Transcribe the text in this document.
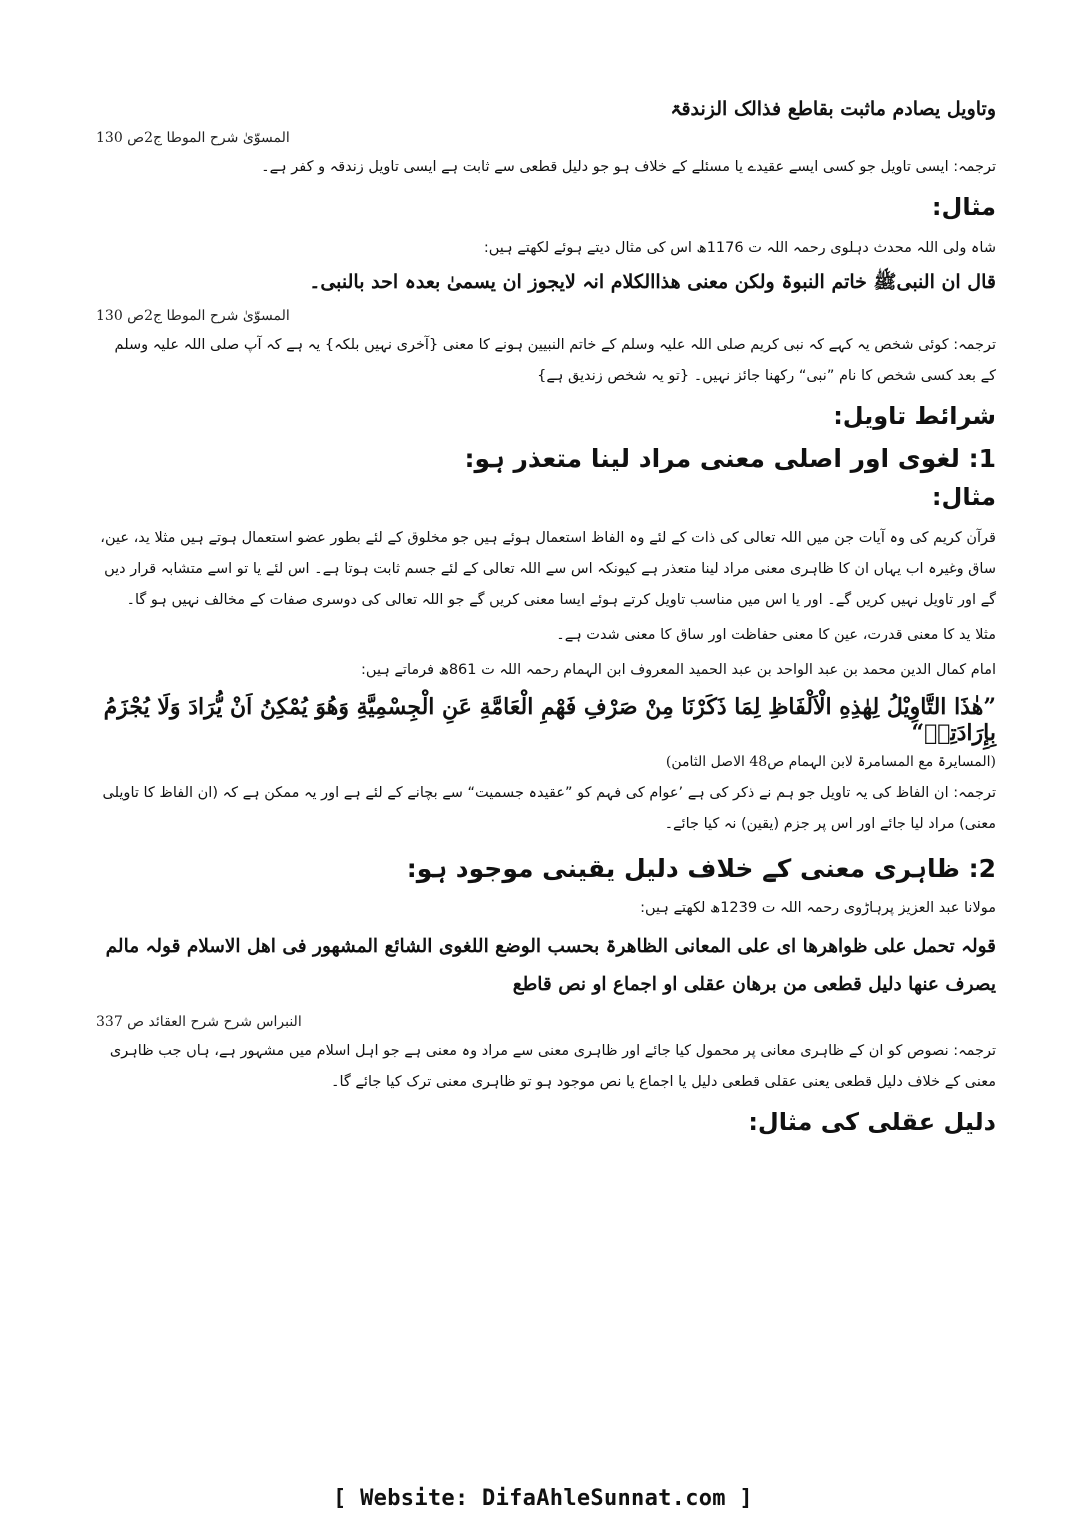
وتاویل یصادم ماثبت بقاطع فذالک الزندقۃ
المسوّیٰ شرح الموطا ج2ص 130
ترجمہ: ایسی تاویل جو کسی ایسے عقیدے یا مسئلے کے خلاف ہو جو دلیل قطعی سے ثابت ہے ایسی تاویل زندقہ و کفر ہے۔
مثال:
شاہ ولی اللہ محدث دہلوی رحمہ اللہ ت 1176ھ اس کی مثال دیتے ہوئے لکھتے ہیں:
قال ان النبیﷺ خاتم النبوۃ ولکن معنی ھذاالکلام انہ لایجوز ان یسمیٰ بعدہ احد بالنبی۔
المسوّیٰ شرح الموطا ج2ص 130
ترجمہ: کوئی شخص یہ کہے کہ نبی کریم صلی اللہ علیہ وسلم کے خاتم النبیین ہونے کا معنی {آخری نہیں بلکہ} یہ ہے کہ آپ صلی اللہ علیہ وسلم کے بعد کسی شخص کا نام ”نبی“ رکھنا جائز نہیں۔ {تو یہ شخص زندیق ہے}
شرائط تاویل:
1: لغوی اور اصلی معنی مراد لینا متعذر ہو:
مثال:
قرآن کریم کی وہ آیات جن میں اللہ تعالی کی ذات کے لئے وہ الفاظ استعمال ہوئے ہیں جو مخلوق کے لئے بطور عضو استعمال ہوتے ہیں مثلا ید، عین، ساق وغیرہ اب یہاں ان کا ظاہری معنی مراد لینا متعذر ہے کیونکہ اس سے اللہ تعالی کے لئے جسم ثابت ہوتا ہے۔ اس لئے یا تو اسے متشابہ قرار دیں گے اور تاویل نہیں کریں گے۔ اور یا اس میں مناسب تاویل کرتے ہوئے ایسا معنی کریں گے جو اللہ تعالی کی دوسری صفات کے مخالف نہیں ہو گا۔
مثلا ید کا معنی قدرت، عین کا معنی حفاظت اور ساق کا معنی شدت ہے۔
امام کمال الدین محمد بن عبد الواحد بن عبد الحمید المعروف ابن الہمام رحمہ اللہ ت 861ھ فرماتے ہیں:
”هٰذَا التَّاوِیْلُ لِهٰذِهِ الْاَلْفَاظِ لِمَا ذَکَرْنَا مِنْ صَرْفِ فَهْمِ الْعَامَّةِ عَنِ الْجِسْمِیَّةِ وَهُوَ یُمْکِنُ اَنْ یُّرَادَ وَلَا یُجْزَمُ بِإِرَادَتِهٖ“
(المسایرۃ مع المسامرۃ لابن الہمام ص48 الاصل الثامن)
ترجمہ: ان الفاظ کی یہ تاویل جو ہم نے ذکر کی ہے ’عوام کی فہم کو ”عقیدہ جسمیت“ سے بچانے کے لئے ہے اور یہ ممکن ہے کہ (ان الفاظ کا تاویلی معنی) مراد لیا جائے اور اس پر جزم (یقین) نہ کیا جائے۔
2: ظاہری معنی کے خلاف دلیل یقینی موجود ہو:
مولانا عبد العزیز پرہاڑوی رحمہ اللہ ت 1239ھ لکھتے ہیں:
قولہ تحمل علی ظواھرھا ای علی المعانی الظاھرۃ بحسب الوضع اللغوی الشائع المشھور فی اھل الاسلام قولہ مالم یصرف عنھا دلیل قطعی من برھان عقلی او اجماع او نص قاطع
النبراس شرح شرح العقائد ص 337
ترجمہ: نصوص کو ان کے ظاہری معانی پر محمول کیا جائے اور ظاہری معنی سے مراد وہ معنی ہے جو اہل اسلام میں مشہور ہے، ہاں جب ظاہری معنی کے خلاف دلیل قطعی یعنی عقلی قطعی دلیل یا اجماع یا نص موجود ہو تو ظاہری معنی ترک کیا جائے گا۔
دلیل عقلی کی مثال:
[ Website: DifaAhleSunnat.com ]
